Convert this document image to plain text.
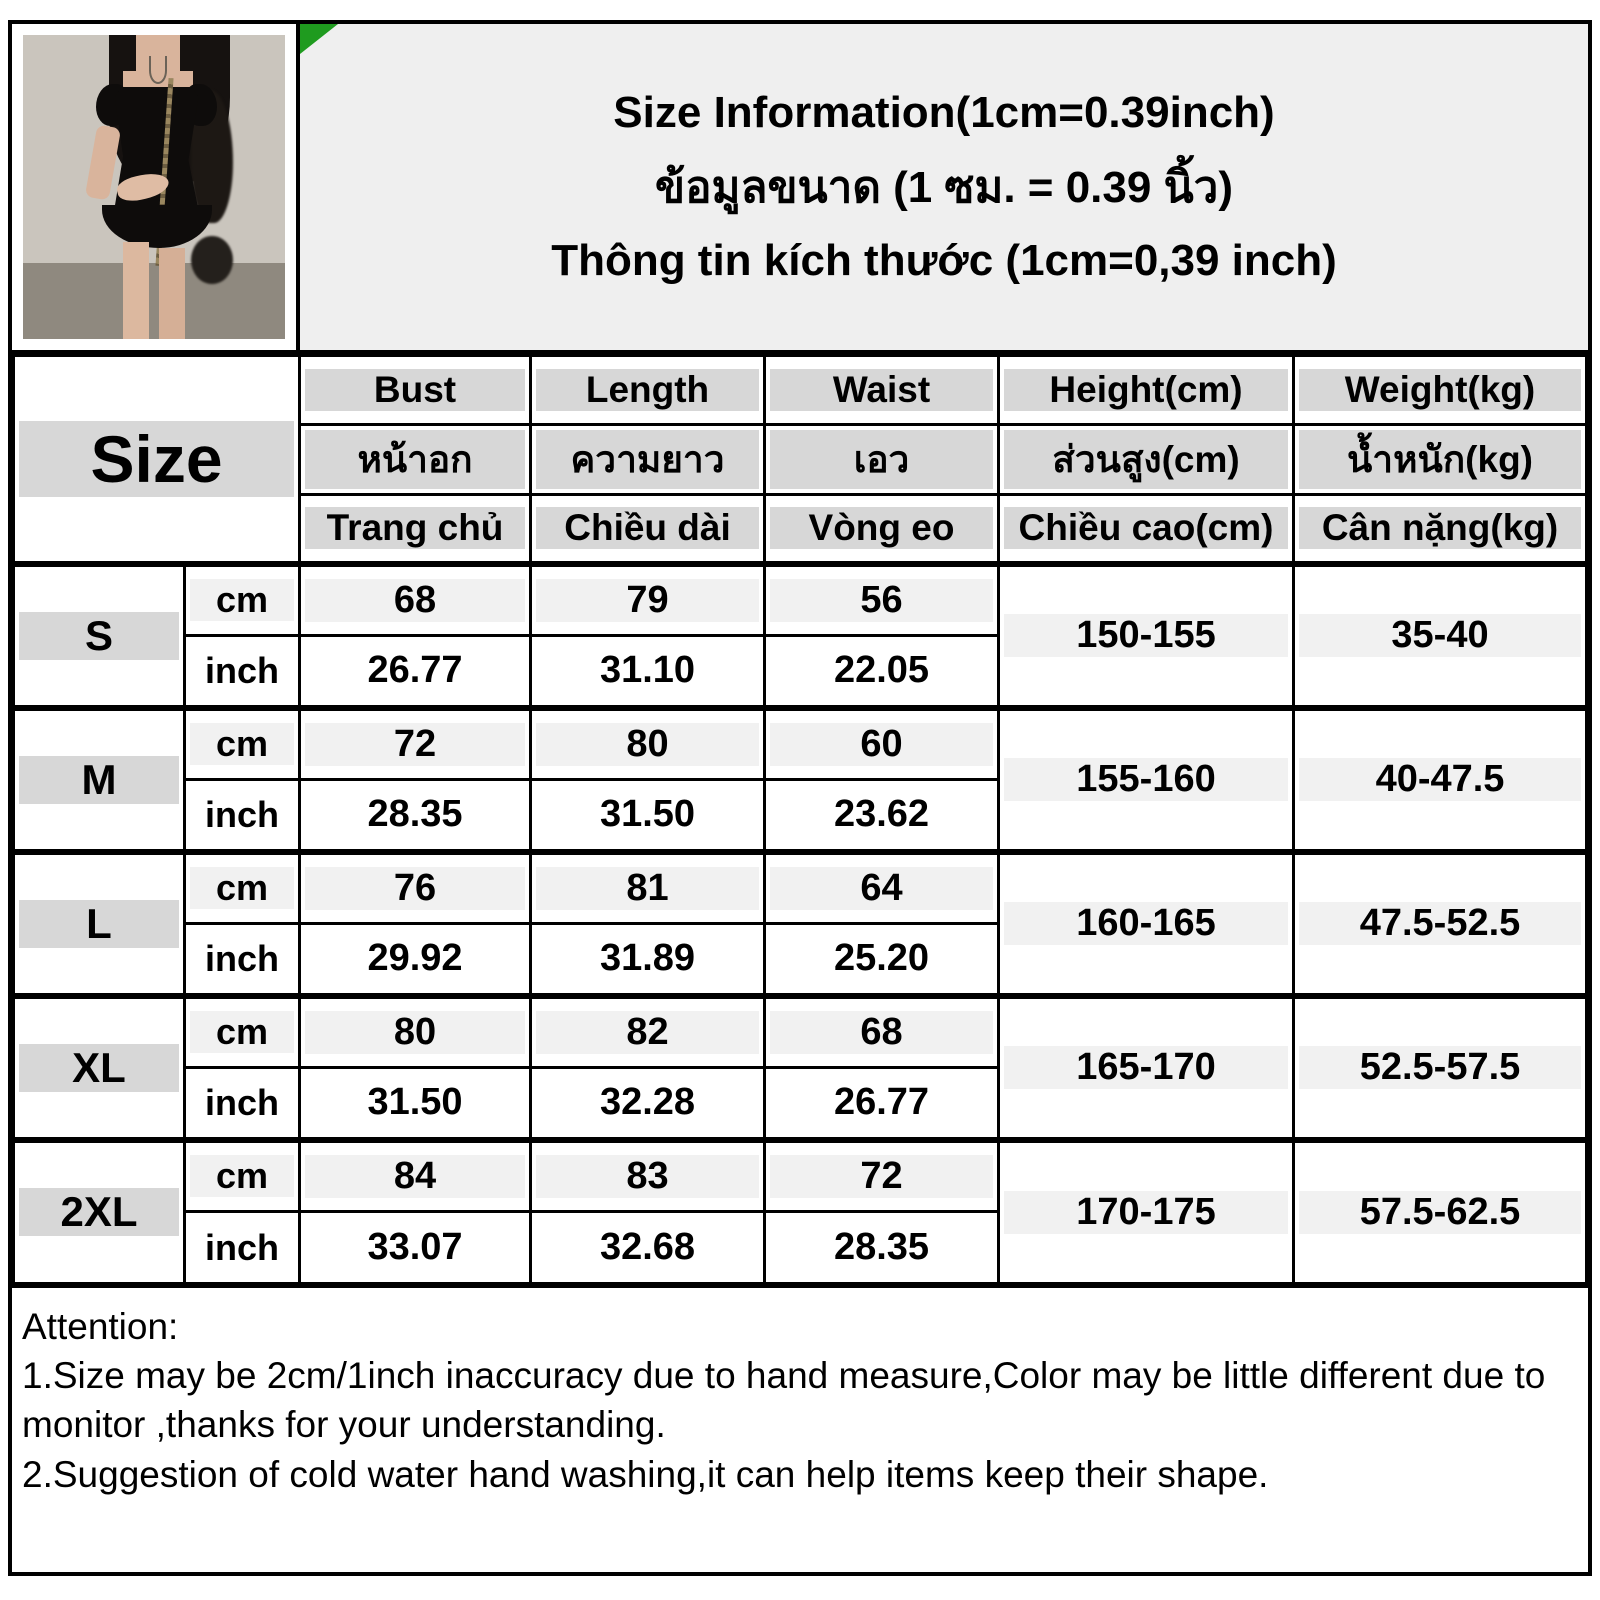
Size Information(1cm=0.39inch)
ข้อมูลขนาด (1 ซม. = 0.39 นิ้ว)
Thông tin kích thước (1cm=0,39 inch)
Size		Bust	Length	Waist	Height(cm)	Weight(kg)

หน้าอก	ความยาว	เอว	ส่วนสูง(cm)	น้ำหนัก(kg)

Trang chủ	Chiều dài	Vòng eo	Chiều cao(cm)	Cân nặng(kg)

S	cm	68	79	56	150-155	35-40

inch	26.77	31.10	22.05		

M	cm	72	80	60	155-160	40-47.5

inch	28.35	31.50	23.62		

L	cm	76	81	64	160-165	47.5-52.5

inch	29.92	31.89	25.20		

XL	cm	80	82	68	165-170	52.5-57.5

inch	31.50	32.28	26.77		

2XL	cm	84	83	72	170-175	57.5-62.5

inch	33.07	32.68	28.35		

Attention:

1.Size may be 2cm/1inch inaccuracy due to hand measure,Color may be little different due to monitor ,thanks for your understanding.

2.Suggestion of cold water hand washing,it can help items keep their shape.
